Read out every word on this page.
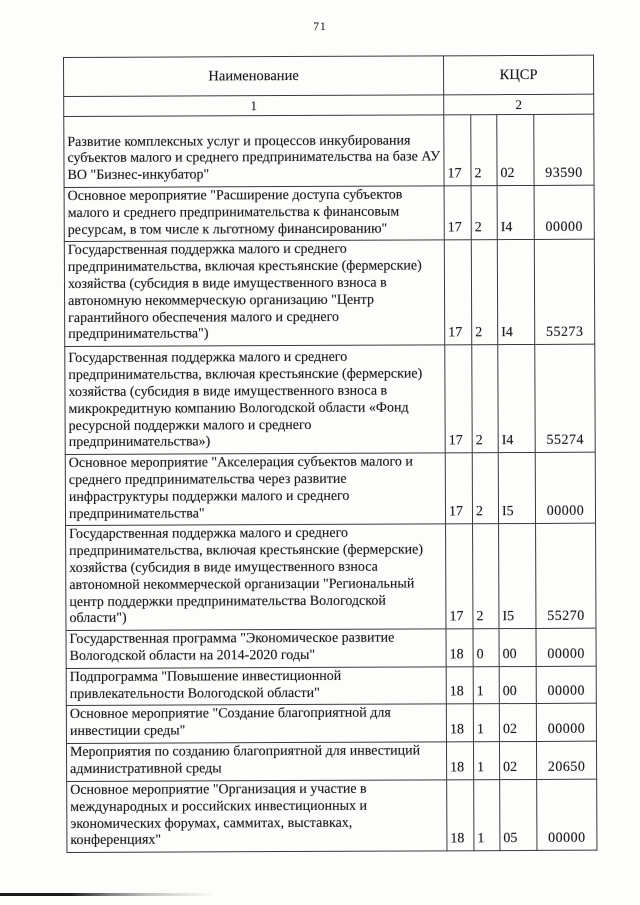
71
Наименование	КЦСР			
1	2			
Развитие комплексных услуг и процессов инкубирования субъектов малого и среднего предпринимательства на базе АУ ВО "Бизнес-инкубатор"	17	2	02	93590
Основное мероприятие "Расширение доступа субъектов малого и среднего предпринимательства к финансовым ресурсам, в том числе к льготному финансированию"	17	2	I4	00000
Государственная поддержка малого и среднего предпринимательства, включая крестьянские (фермерские) хозяйства (субсидия в виде имущественного взноса в автономную некоммерческую организацию "Центр гарантийного обеспечения малого и среднего предпринимательства")	17	2	I4	55273
Государственная поддержка малого и среднего предпринимательства, включая крестьянские (фермерские) хозяйства (субсидия в виде имущественного взноса в микрокредитную компанию Вологодской области «Фонд ресурсной поддержки малого и среднего предпринимательства»)	17	2	I4	55274
Основное мероприятие "Акселерация субъектов малого и среднего предпринимательства через развитие инфраструктуры поддержки малого и среднего предпринимательства"	17	2	I5	00000
Государственная поддержка малого и среднего предпринимательства, включая крестьянские (фермерские) хозяйства (субсидия в виде имущественного взноса автономной некоммерческой организации "Региональный центр поддержки предпринимательства Вологодской области")	17	2	I5	55270
Государственная программа "Экономическое развитие Вологодской области на 2014-2020 годы"	18	0	00	00000
Подпрограмма "Повышение инвестиционной привлекательности Вологодской области"	18	1	00	00000
Основное мероприятие "Создание благоприятной для инвестиции среды"	18	1	02	00000
Мероприятия по созданию благоприятной для инвестиций административной среды	18	1	02	20650
Основное мероприятие "Организация и участие в международных и российских инвестиционных и экономических форумах, саммитах, выставках, конференциях"	18	1	05	00000
